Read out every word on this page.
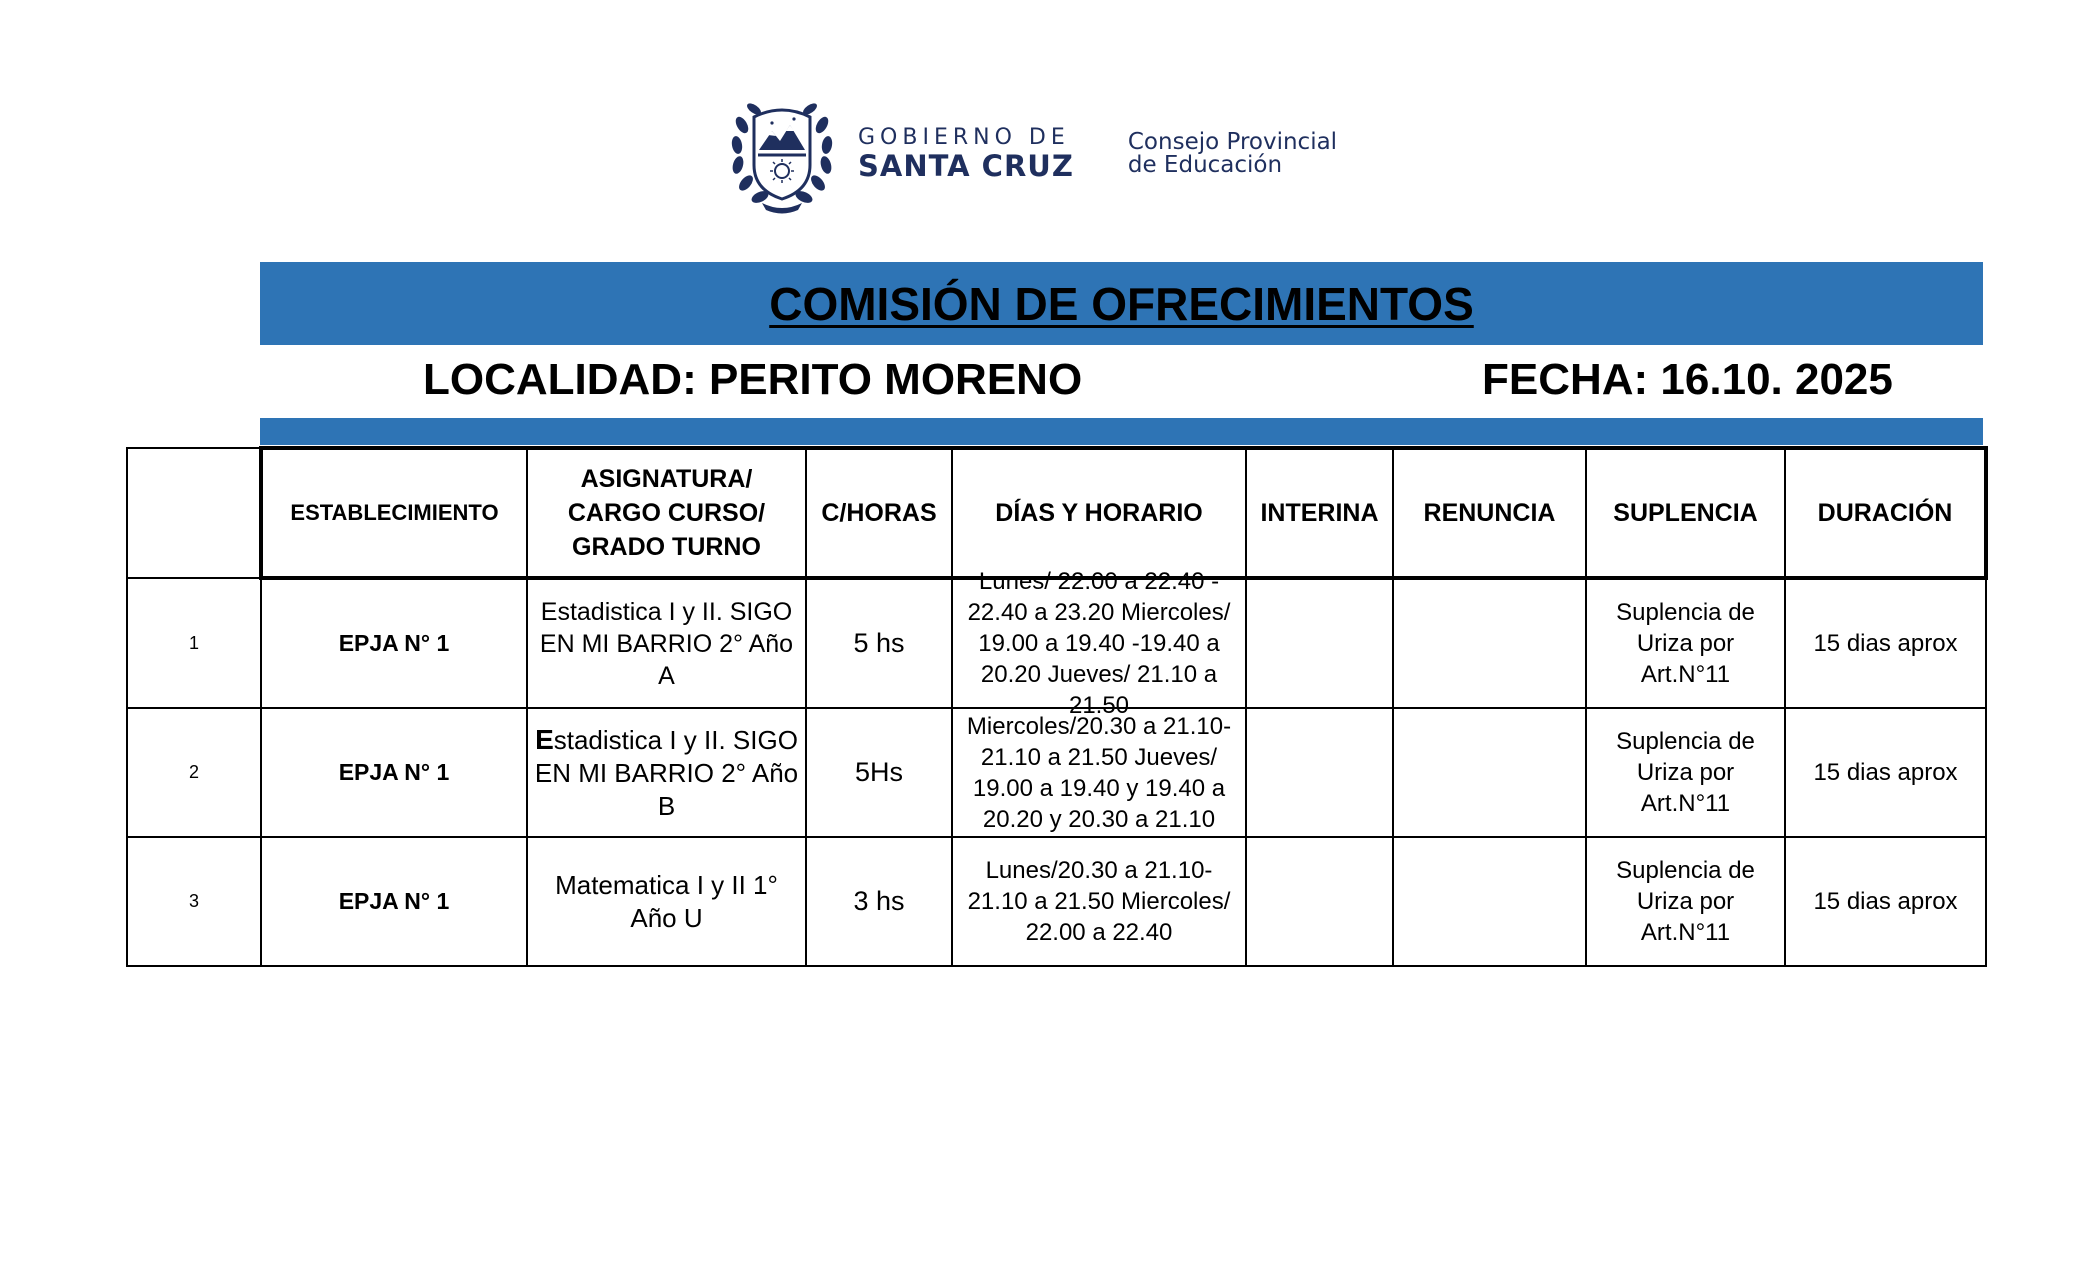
GOBIERNO DE
SANTA CRUZ
Consejo Provincial
de Educación
COMISIÓN DE OFRECIMIENTOS
LOCALIDAD: PERITO MORENO	FECHA: 16.10. 2025
	ESTABLECIMIENTO	ASIGNATURA/
CARGO CURSO/
GRADO TURNO	C/HORAS	DÍAS Y HORARIO	INTERINA	RENUNCIA	SUPLENCIA	DURACIÓN
1	EPJA N° 1	Estadistica I y II. SIGO EN MI BARRIO 2° Año A	5 hs	Lunes/ 22.00 a 22.40 - 22.40 a 23.20 Miercoles/ 19.00 a 19.40 -19.40 a 20.20 Jueves/ 21.10 a 21.50			Suplencia de Uriza por Art.N°11	15 dias aprox
2	EPJA N° 1	Estadistica I y II. SIGO EN MI BARRIO 2° Año B	5Hs	Miercoles/20.30 a 21.10-21.10 a 21.50 Jueves/ 19.00 a 19.40 y 19.40 a 20.20 y 20.30 a 21.10			Suplencia de Uriza por Art.N°11	15 dias aprox
3	EPJA N° 1	Matematica I y II 1° Año U	3 hs	Lunes/20.30 a 21.10-21.10 a 21.50 Miercoles/ 22.00 a 22.40			Suplencia de Uriza por Art.N°11	15 dias aprox
